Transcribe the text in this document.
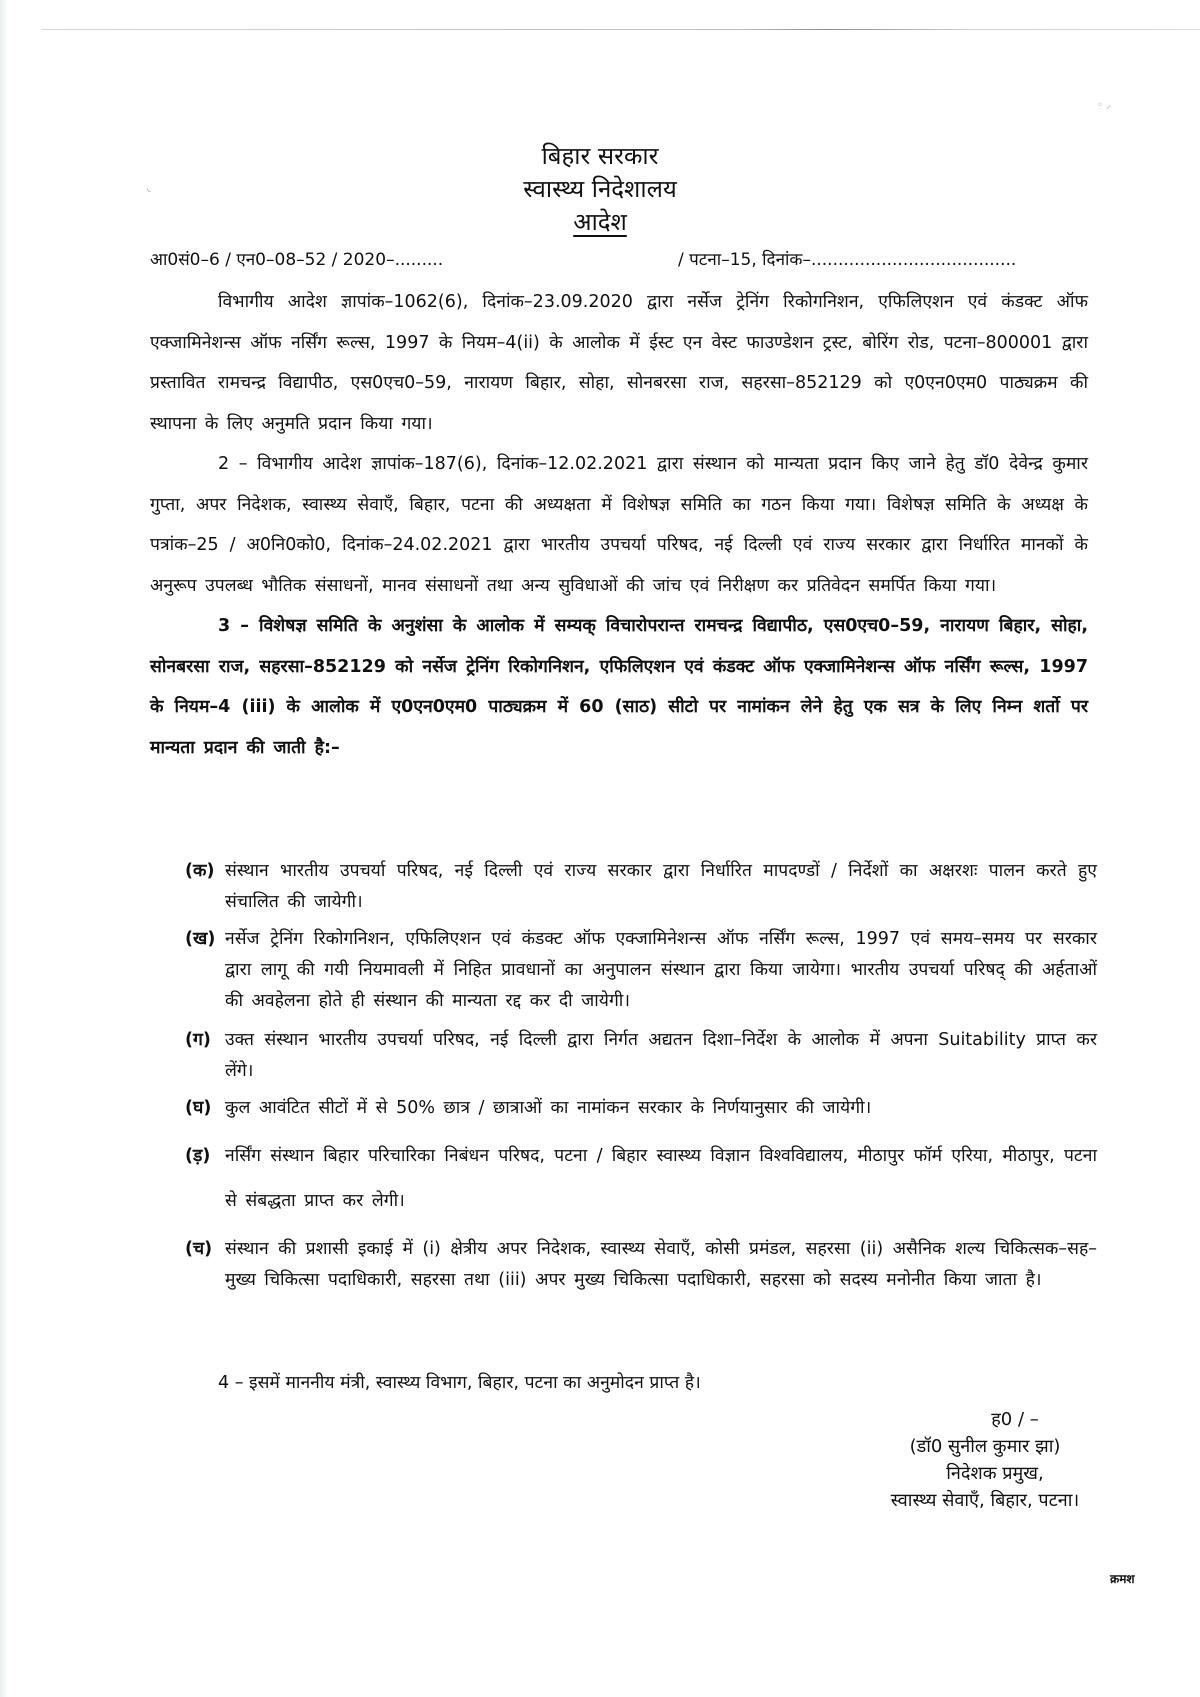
◟
◦ ⸝
बिहार सरकार
स्वास्थ्य निदेशालय
आदेश
आ0सं0–6 / एन0–08–52 / 2020–.........	/ पटना–15, दिनांक–......................................

विभागीय आदेश ज्ञापांक–1062(6), दिनांक–23.09.2020 द्वारा नर्सेज ट्रेनिंग रिकोगनिशन, एफिलिएशन एवं कंडक्ट ऑफ एक्जामिनेशन्स ऑफ नर्सिंग रूल्स, 1997 के नियम–4(ii) के आलोक में ईस्ट एन वेस्ट फाउण्डेशन ट्रस्ट, बोरिंग रोड, पटना–800001 द्वारा प्रस्तावित रामचन्द्र विद्यापीठ, एस0एच0–59, नारायण बिहार, सोहा, सोनबरसा राज, सहरसा–852129 को ए0एन0एम0 पाठ्यक्रम की स्थापना के लिए अनुमति प्रदान किया गया।

2 – विभागीय आदेश ज्ञापांक–187(6), दिनांक–12.02.2021 द्वारा संस्थान को मान्यता प्रदान किए जाने हेतु डॉ0 देवेन्द्र कुमार गुप्ता, अपर निदेशक, स्वास्थ्य सेवाएँ, बिहार, पटना की अध्यक्षता में विशेषज्ञ समिति का गठन किया गया। विशेषज्ञ समिति के अध्यक्ष के पत्रांक–25 / अ0नि0को0, दिनांक–24.02.2021 द्वारा भारतीय उपचर्या परिषद, नई दिल्ली एवं राज्य सरकार द्वारा निर्धारित मानकों के अनुरूप उपलब्ध भौतिक संसाधनों, मानव संसाधनों तथा अन्य सुविधाओं की जांच एवं निरीक्षण कर प्रतिवेदन समर्पित किया गया।

3 – विशेषज्ञ समिति के अनुशंसा के आलोक में सम्यक् विचारोपरान्त रामचन्द्र विद्यापीठ, एस0एच0–59, नारायण बिहार, सोहा, सोनबरसा राज, सहरसा–852129 को नर्सेज ट्रेनिंग रिकोगनिशन, एफिलिएशन एवं कंडक्ट ऑफ एक्जामिनेशन्स ऑफ नर्सिंग रूल्स, 1997 के नियम–4 (iii) के आलोक में ए0एन0एम0 पाठ्यक्रम में 60 (साठ) सीटो पर नामांकन लेने हेतु एक सत्र के लिए निम्न शर्तो पर मान्यता प्रदान की जाती है:–

(क) संस्थान भारतीय उपचर्या परिषद, नई दिल्ली एवं राज्य सरकार द्वारा निर्धारित मापदण्डों / निर्देशों का अक्षरशः पालन करते हुए संचालित की जायेगी।

(ख) नर्सेज ट्रेनिंग रिकोगनिशन, एफिलिएशन एवं कंडक्ट ऑफ एक्जामिनेशन्स ऑफ नर्सिंग रूल्स, 1997 एवं समय–समय पर सरकार द्वारा लागू की गयी नियमावली में निहित प्रावधानों का अनुपालन संस्थान द्वारा किया जायेगा। भारतीय उपचर्या परिषद् की अर्हताओं की अवहेलना होते ही संस्थान की मान्यता रद्द कर दी जायेगी।

(ग) उक्त संस्थान भारतीय उपचर्या परिषद, नई दिल्ली द्वारा निर्गत अद्यतन दिशा–निर्देश के आलोक में अपना Suitability प्राप्त कर लेंगे।

(घ) कुल आवंटित सीटों में से 50% छात्र / छात्राओं का नामांकन सरकार के निर्णयानुसार की जायेगी।

(ड़) नर्सिंग संस्थान बिहार परिचारिका निबंधन परिषद, पटना / बिहार स्वास्थ्य विज्ञान विश्वविद्यालय, मीठापुर फॉर्म एरिया, मीठापुर, पटना से संबद्धता प्राप्त कर लेगी।

(च) संस्थान की प्रशासी इकाई में (i) क्षेत्रीय अपर निदेशक, स्वास्थ्य सेवाएँ, कोसी प्रमंडल, सहरसा (ii) असैनिक शल्य चिकित्सक–सह–मुख्य चिकित्सा पदाधिकारी, सहरसा तथा (iii) अपर मुख्य चिकित्सा पदाधिकारी, सहरसा को सदस्य मनोनीत किया जाता है।

4 – इसमें माननीय मंत्री, स्वास्थ्य विभाग, बिहार, पटना का अनुमोदन प्राप्त है।
ह0 / –
(डॉ0 सुनील कुमार झा)
निदेशक प्रमुख,
स्वास्थ्य सेवाएँ, बिहार, पटना।
क्रमश
